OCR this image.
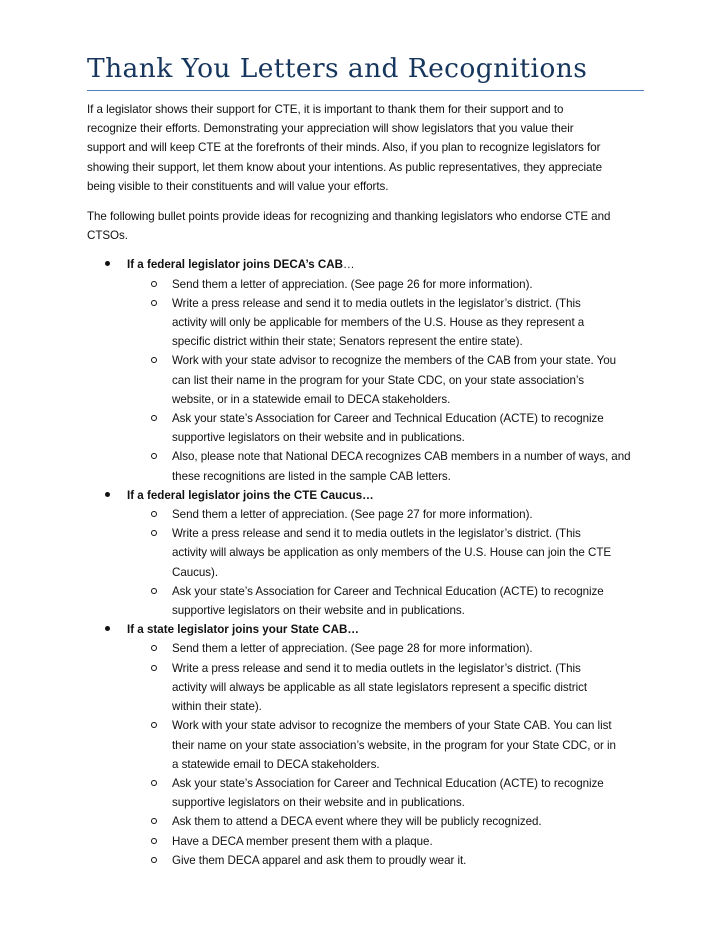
Thank You Letters and Recognitions

If a legislator shows their support for CTE, it is important to thank them for their support and to
recognize their efforts. Demonstrating your appreciation will show legislators that you value their
support and will keep CTE at the forefronts of their minds. Also, if you plan to recognize legislators for
showing their support, let them know about your intentions. As public representatives, they appreciate
being visible to their constituents and will value your efforts.

The following bullet points provide ideas for recognizing and thanking legislators who endorse CTE and
CTSOs.

If a federal legislator joins DECA’s CAB…
Send them a letter of appreciation. (See page 26 for more information).
Write a press release and send it to media outlets in the legislator’s district. (This
activity will only be applicable for members of the U.S. House as they represent a
specific district within their state; Senators represent the entire state).
Work with your state advisor to recognize the members of the CAB from your state. You
can list their name in the program for your State CDC, on your state association’s
website, or in a statewide email to DECA stakeholders.
Ask your state’s Association for Career and Technical Education (ACTE) to recognize
supportive legislators on their website and in publications.
Also, please note that National DECA recognizes CAB members in a number of ways, and
these recognitions are listed in the sample CAB letters.
If a federal legislator joins the CTE Caucus…
Send them a letter of appreciation. (See page 27 for more information).
Write a press release and send it to media outlets in the legislator’s district. (This
activity will always be application as only members of the U.S. House can join the CTE
Caucus).
Ask your state’s Association for Career and Technical Education (ACTE) to recognize
supportive legislators on their website and in publications.
If a state legislator joins your State CAB…
Send them a letter of appreciation. (See page 28 for more information).
Write a press release and send it to media outlets in the legislator’s district. (This
activity will always be applicable as all state legislators represent a specific district
within their state).
Work with your state advisor to recognize the members of your State CAB. You can list
their name on your state association’s website, in the program for your State CDC, or in
a statewide email to DECA stakeholders.
Ask your state’s Association for Career and Technical Education (ACTE) to recognize
supportive legislators on their website and in publications.
Ask them to attend a DECA event where they will be publicly recognized.
Have a DECA member present them with a plaque.
Give them DECA apparel and ask them to proudly wear it.
